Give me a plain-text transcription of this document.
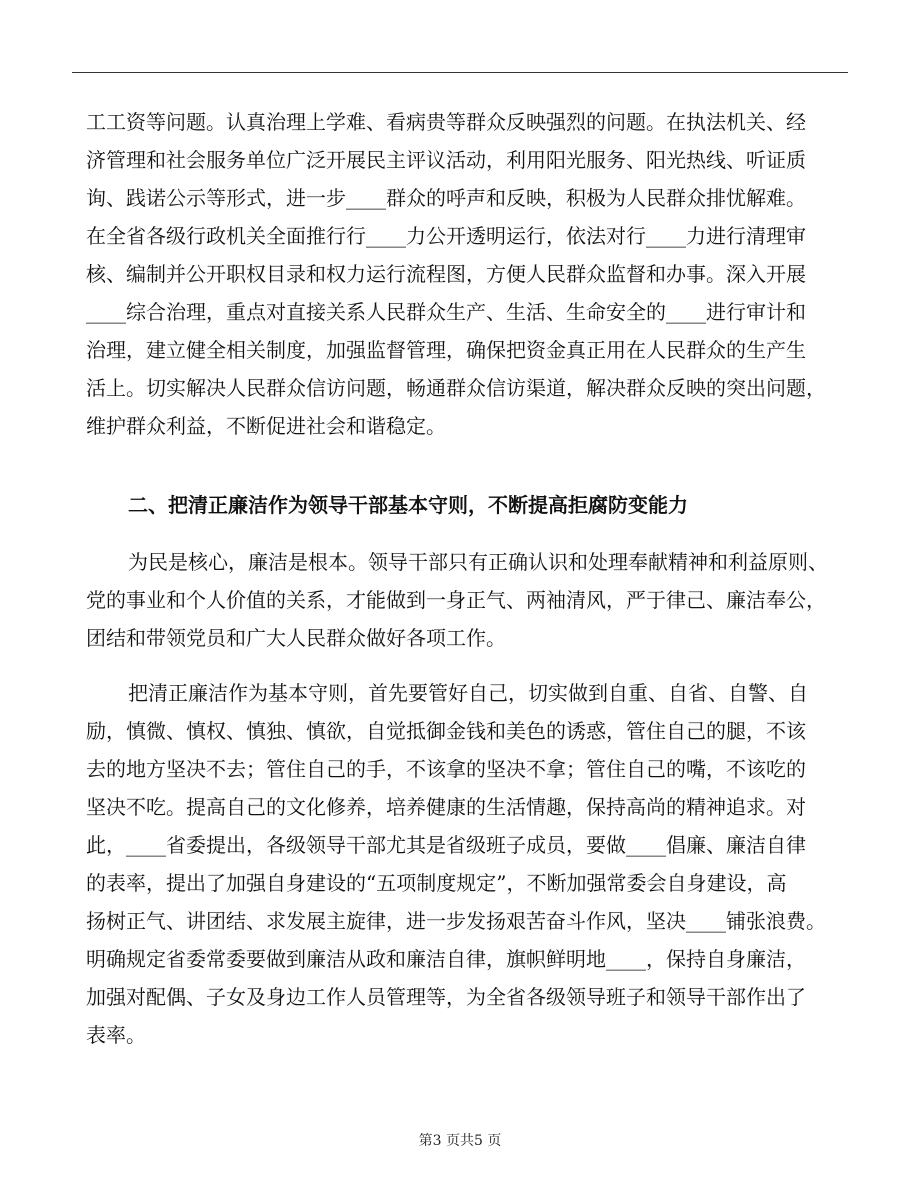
工工资等问题。认真治理上学难、看病贵等群众反映强烈的问题。在执法机关、经
济管理和社会服务单位广泛开展民主评议活动，利用阳光服务、阳光热线、听证质
询、践诺公示等形式，进一步____群众的呼声和反映，积极为人民群众排忧解难。
在全省各级行政机关全面推行行____力公开透明运行，依法对行____力进行清理审
核、编制并公开职权目录和权力运行流程图，方便人民群众监督和办事。深入开展
____综合治理，重点对直接关系人民群众生产、生活、生命安全的____进行审计和
治理，建立健全相关制度，加强监督管理，确保把资金真正用在人民群众的生产生
活上。切实解决人民群众信访问题，畅通群众信访渠道，解决群众反映的突出问题，
维护群众利益，不断促进社会和谐稳定。
二、把清正廉洁作为领导干部基本守则，不断提高拒腐防变能力
为民是核心，廉洁是根本。领导干部只有正确认识和处理奉献精神和利益原则、
党的事业和个人价值的关系，才能做到一身正气、两袖清风，严于律己、廉洁奉公，
团结和带领党员和广大人民群众做好各项工作。
把清正廉洁作为基本守则，首先要管好自己，切实做到自重、自省、自警、自
励，慎微、慎权、慎独、慎欲，自觉抵御金钱和美色的诱惑，管住自己的腿，不该
去的地方坚决不去；管住自己的手，不该拿的坚决不拿；管住自己的嘴，不该吃的
坚决不吃。提高自己的文化修养，培养健康的生活情趣，保持高尚的精神追求。对
此，____省委提出，各级领导干部尤其是省级班子成员，要做____倡廉、廉洁自律
的表率，提出了加强自身建设的“五项制度规定”，不断加强常委会自身建设，高
扬树正气、讲团结、求发展主旋律，进一步发扬艰苦奋斗作风，坚决____铺张浪费。
明确规定省委常委要做到廉洁从政和廉洁自律，旗帜鲜明地____，保持自身廉洁，
加强对配偶、子女及身边工作人员管理等，为全省各级领导班子和领导干部作出了
表率。
第3 页共5 页
